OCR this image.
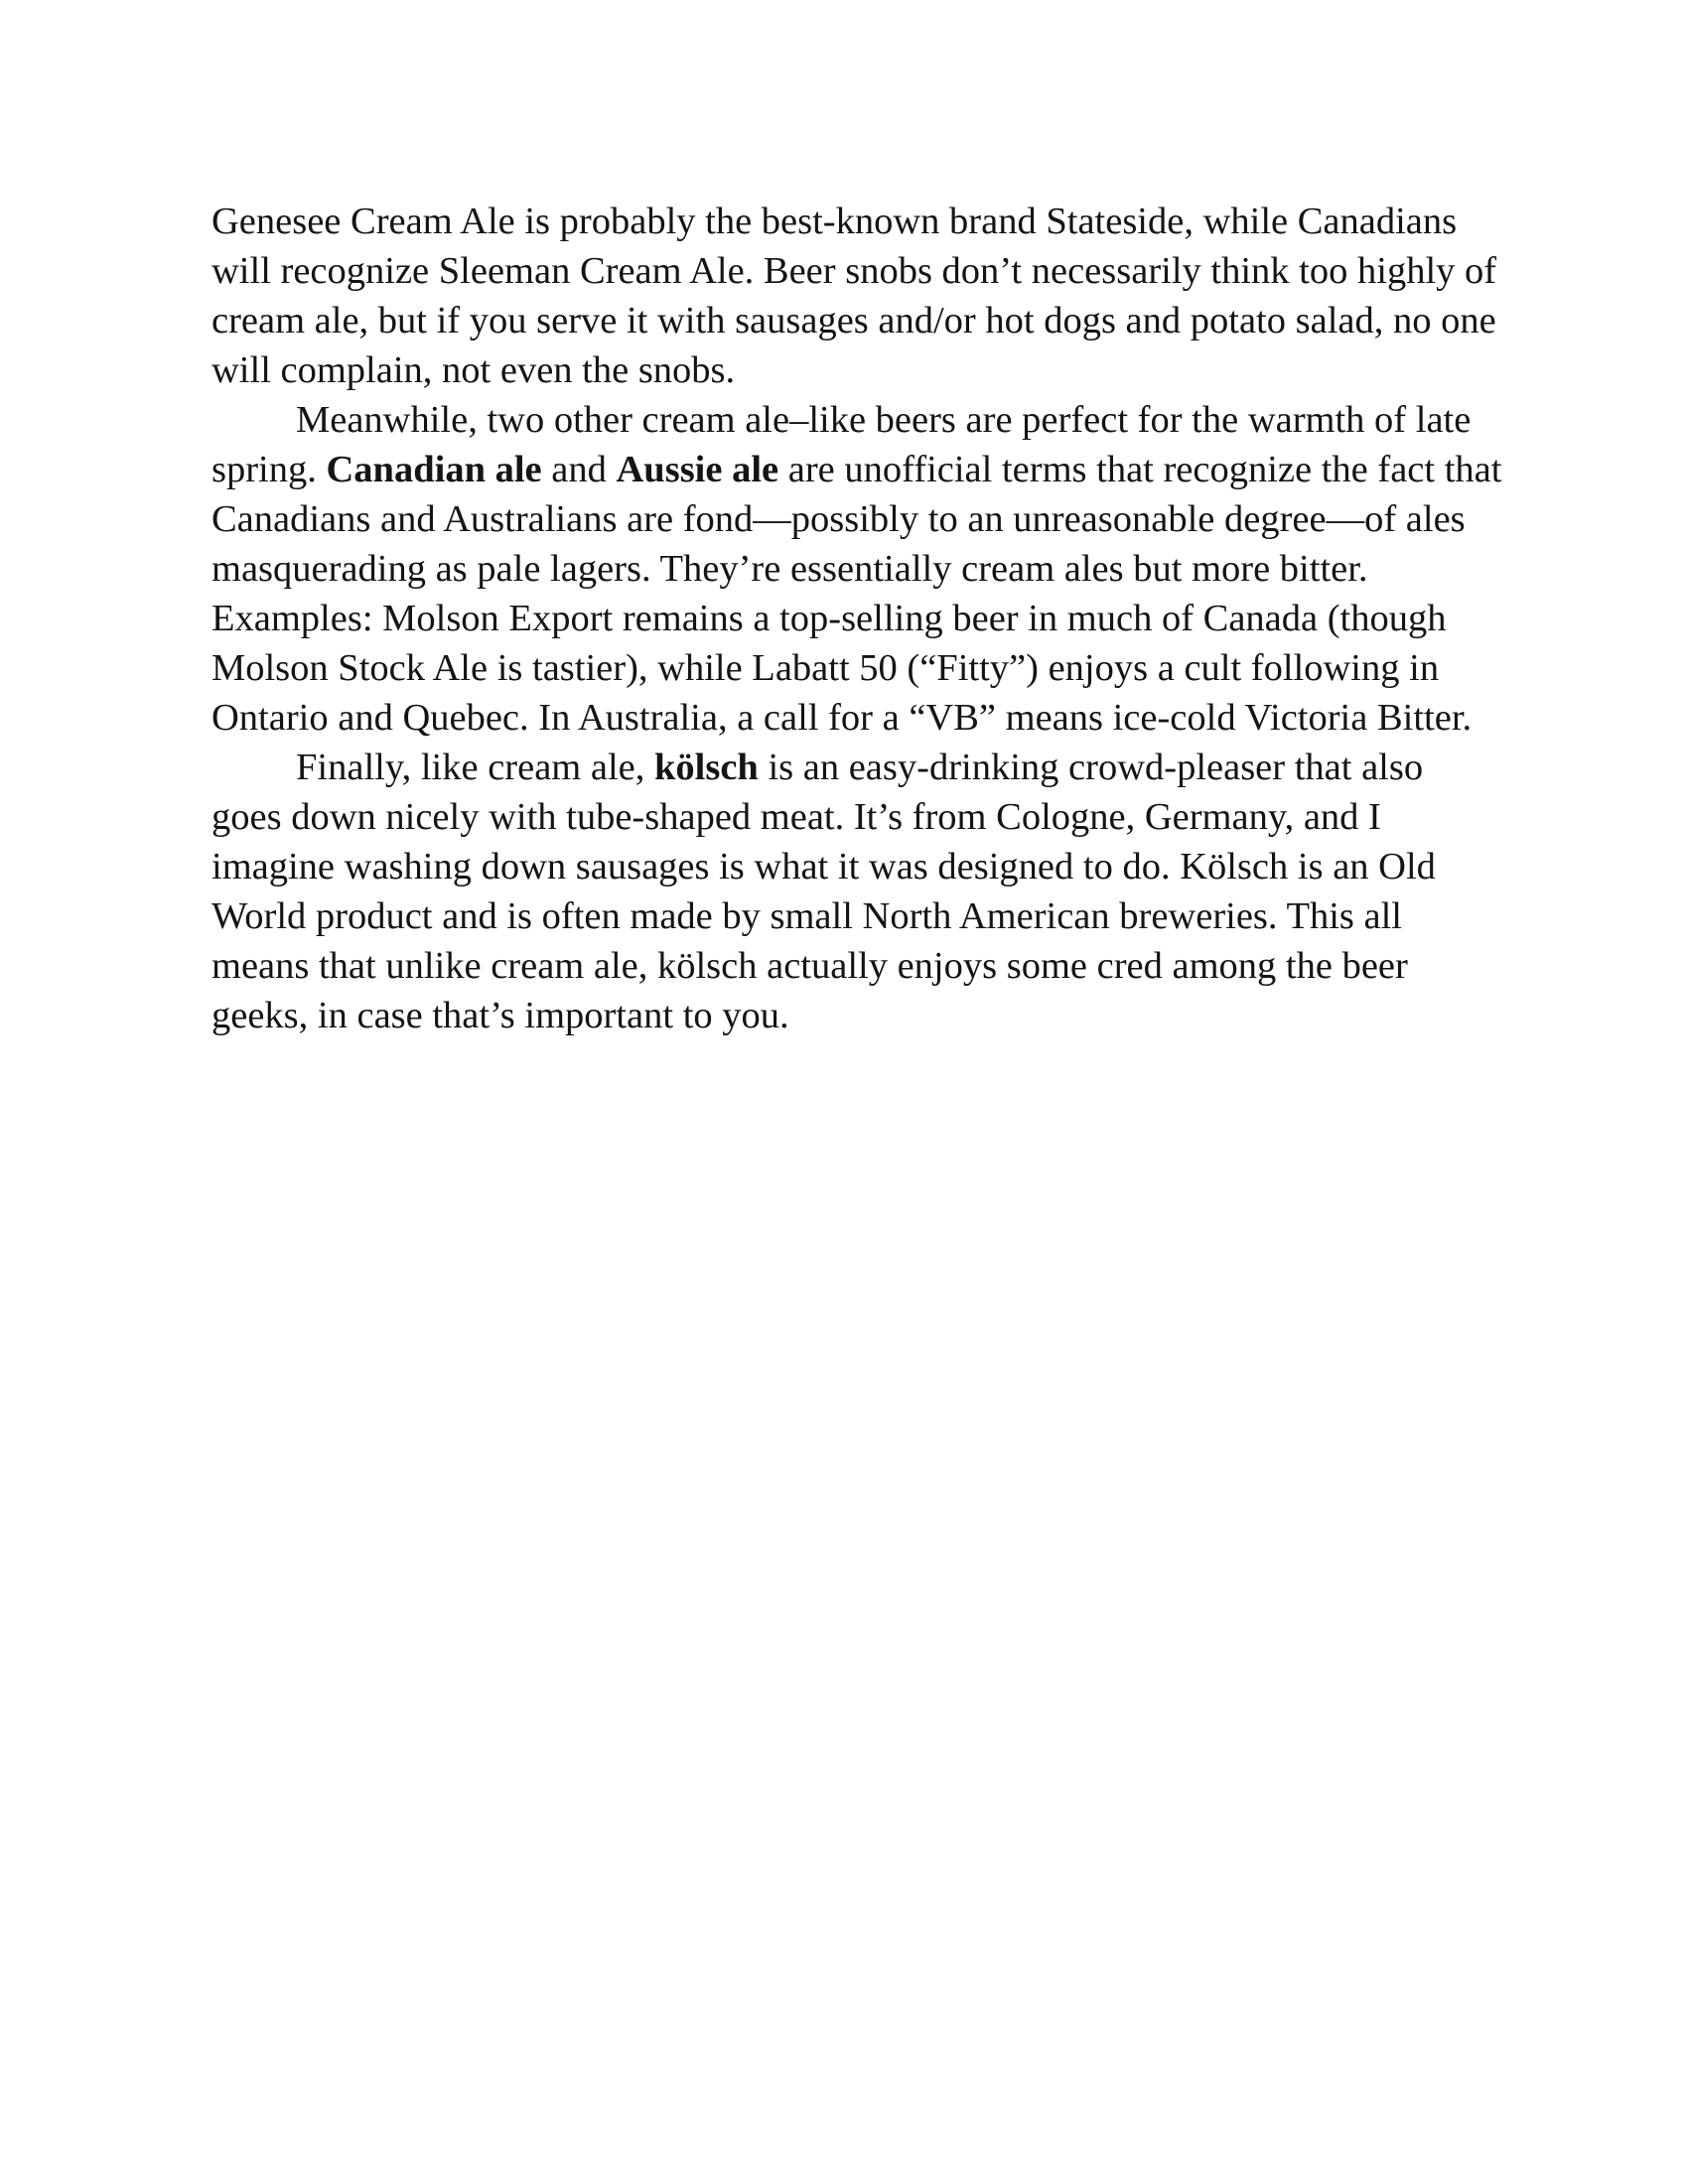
Genesee Cream Ale is probably the best-known brand Stateside, while Canadians will recognize Sleeman Cream Ale. Beer snobs don’t necessarily think too highly of cream ale, but if you serve it with sausages and/or hot dogs and potato salad, no one will complain, not even the snobs.

Meanwhile, two other cream ale–like beers are perfect for the warmth of late spring. Canadian ale and Aussie ale are unofficial terms that recognize the fact that Canadians and Australians are fond—possibly to an unreasonable degree—of ales masquerading as pale lagers. They’re essentially cream ales but more bitter. Examples: Molson Export remains a top-selling beer in much of Canada (though Molson Stock Ale is tastier), while Labatt 50 (“Fitty”) enjoys a cult following in Ontario and Quebec. In Australia, a call for a “VB” means ice-cold Victoria Bitter.

Finally, like cream ale, kölsch is an easy-drinking crowd-pleaser that also goes down nicely with tube-shaped meat. It’s from Cologne, Germany, and I imagine washing down sausages is what it was designed to do. Kölsch is an Old World product and is often made by small North American breweries. This all means that unlike cream ale, kölsch actually enjoys some cred among the beer geeks, in case that’s important to you.
